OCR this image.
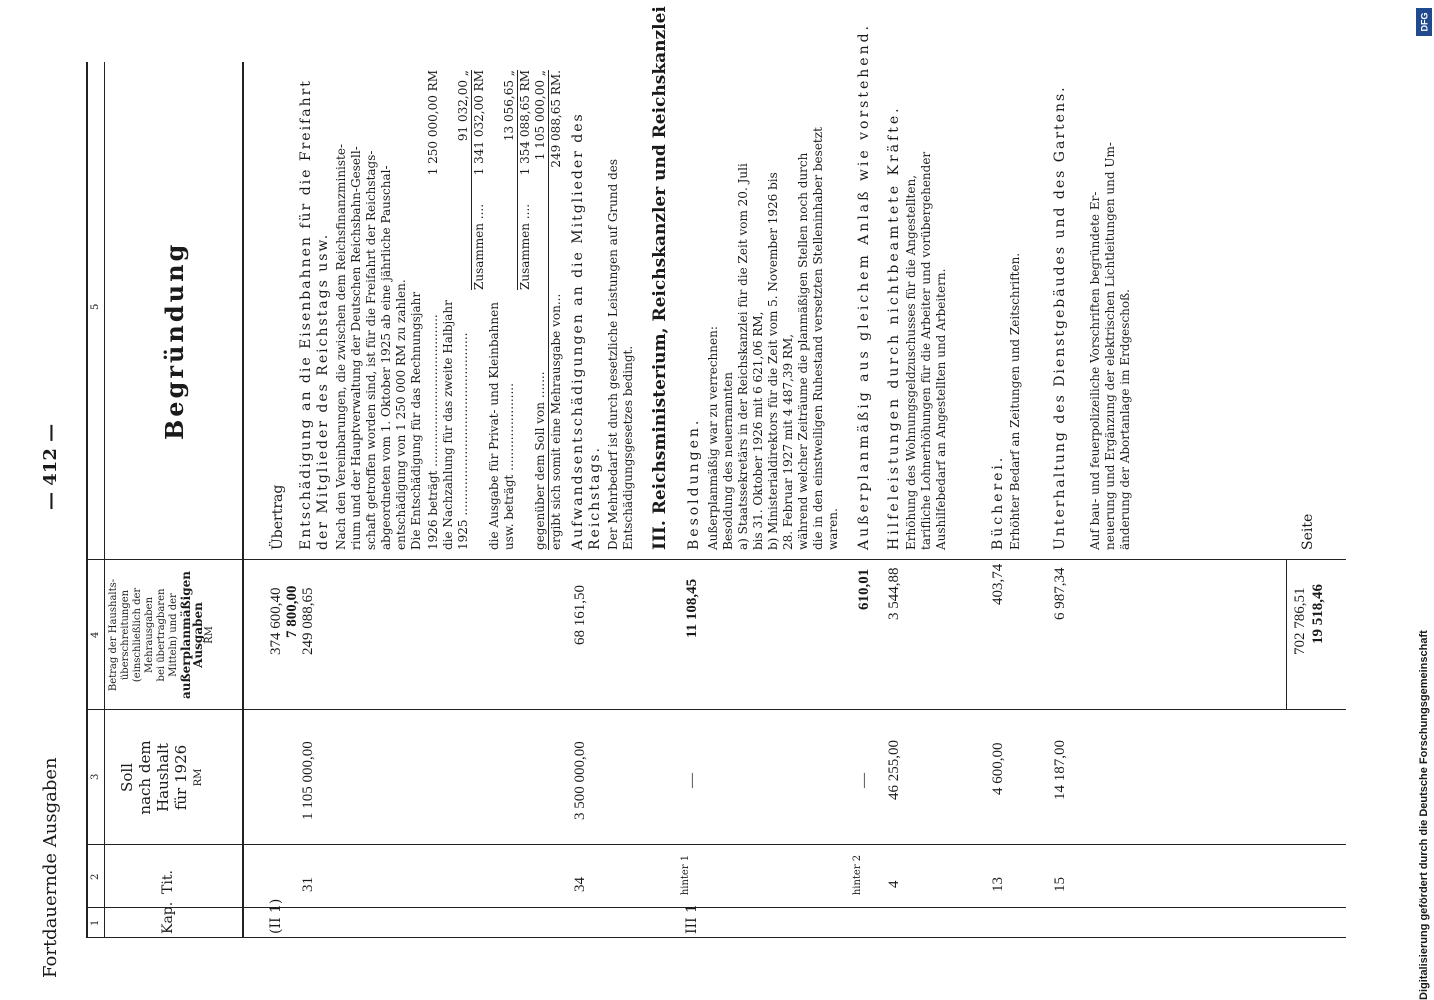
Fortdauernde Ausgaben
— 412 —
1
2
3
4
5
Kap.
Tit.
Soll nach dem Haushalt für 1926 RM
Betrag der Haushalts- überschreitungen (einschließlich der Mehrausgaben bei übertragbaren Mitteln) und der außerplanmäßigen
Ausgaben RM
Begründung
(II 1)
374 600,40 7 800,00
Übertrag
31
1 105 000,00
249 088,65
Entschädigung an die Eisenbahnen für die Freifahrt der Mitglieder des Reichstags usw. Nach den Vereinbarungen, die zwischen dem Reichsfinanzministe- rium und der Hauptverwaltung der Deutschen Reichsbahn-Gesell- schaft getroffen worden sind, ist für die Freifahrt der Reichstags- abgeordneten vom 1. Oktober 1925 ab eine jährliche Pauschal- entschädigung von 1 250 000 RM zu zahlen. Die Entschädigung für das Rechnungsjahr 1926 beträgt ........................................
1 250 000,00 RM
die Nachzahlung für das zweite Halbjahr 1925 ................................................
91 032,00 „
Zusammen ....
1 341 032,00 RM
die Ausgabe für Privat- und Kleinbahnen usw. beträgt .......................
13 056,65 „
Zusammen ....
1 354 088,65 RM
gegenüber dem Soll von .......
1 105 000,00 „
ergibt sich somit eine Mehrausgabe von...
249 088,65 RM.
34
3 500 000,00
68 161,50
Aufwandsentschädigungen an die Mitglieder des Reichstags. Der Mehrbedarf ist durch gesetzliche Leistungen auf Grund des Entschädigungsgesetzes bedingt. III. Reichsministerium, Reichskanzler und Reichskanzlei
III 1
hinter 1
—
11 108,45
Besoldungen. Außerplanmäßig war zu verrechnen: Besoldung des neuernannten a) Staatssekretärs in der Reichskanzlei für die Zeit vom 20. Juli bis 31. Oktober 1926 mit 6 621,06 RM, b) Ministerialdirektors für die Zeit vom 5. November 1926 bis 28. Februar 1927 mit 4 487,39 RM, während welcher Zeiträume die planmäßigen Stellen noch durch die in den einstweiligen Ruhestand versetzten Stelleninhaber besetzt waren.
hinter 2
—
610,01
Außerplanmäßig aus gleichem Anlaß wie vorstehend.
4
46 255,00
3 544,88
Hilfeleistungen durch nichtbeamtete Kräfte. Erhöhung des Wohnungsgeldzuschusses für die Angestellten, tarifliche Lohnerhöhungen für die Arbeiter und vorübergehender Aushilfebedarf an Angestellten und Arbeitern.
13
4 600,00
403,74
Bücherei. Erhöhter Bedarf an Zeitungen und Zeitschriften.
15
14 187,00
6 987,34
Unterhaltung des Dienstgebäudes und des Gartens. Auf bau- und feuerpolizeiliche Vorschriften begründete Er- neuerung und Ergänzung der elektrischen Lichtleitungen und Um- änderung der Abortanlage im Erdgeschoß.
702 786,51 19 518,46
Seite
DFG
Digitalisierung gefördert durch die Deutsche Forschungsgemeinschaft
